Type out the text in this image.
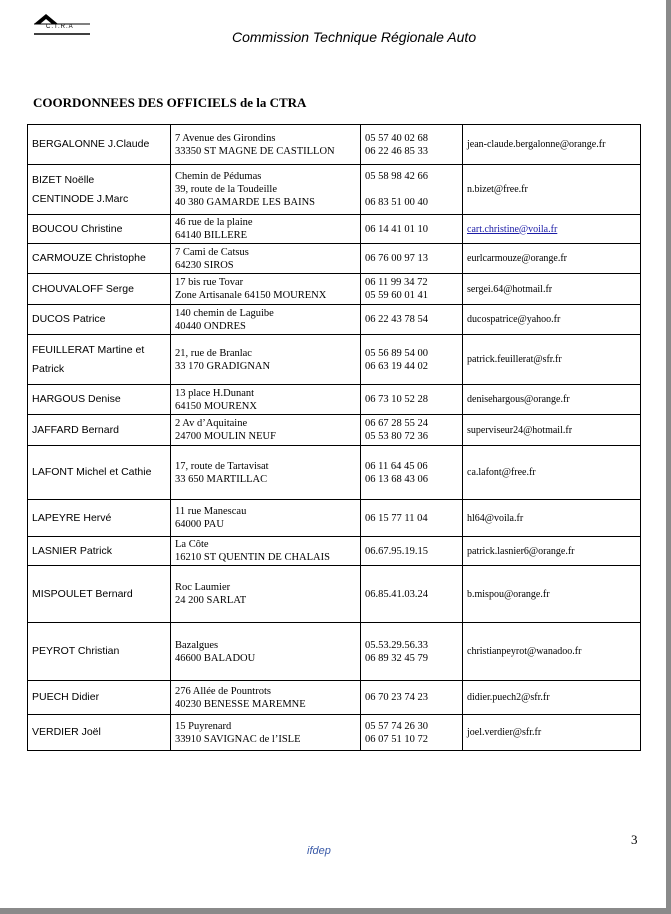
C.T.R.A
Commission Technique Régionale Auto
COORDONNEES DES OFFICIELS de la CTRA
BERGALONNE J.Claude	7 Avenue des Girondins
33350 ST MAGNE DE CASTILLON	05 57 40 02 68
06 22 46 85 33	jean-claude.bergalonne@orange.fr

BIZET Noëlle
CENTINODE J.Marc	Chemin de Pédumas
39, route de la Toudeille
40 380 GAMARDE LES BAINS	05 58 98 42 66

06 83 51 00 40	n.bizet@free.fr

BOUCOU Christine	46 rue de la plaine
64140 BILLERE	06 14 41 01 10	cart.christine@voila.fr

CARMOUZE Christophe	7 Cami de Catsus
64230 SIROS	06 76 00 97 13	eurlcarmouze@orange.fr

CHOUVALOFF Serge	17 bis rue Tovar
Zone Artisanale 64150 MOURENX	06 11 99 34 72
05 59 60 01 41	sergei.64@hotmail.fr

DUCOS Patrice	140 chemin de Laguibe
40440 ONDRES	06 22 43 78 54	ducospatrice@yahoo.fr

FEUILLERAT Martine et
Patrick	21, rue de Branlac
33 170 GRADIGNAN	05 56 89 54 00
06 63 19 44 02	patrick.feuillerat@sfr.fr

HARGOUS Denise	13 place H.Dunant
64150 MOURENX	06 73 10 52 28	denisehargous@orange.fr

JAFFARD Bernard	2 Av d’Aquitaine
24700 MOULIN NEUF	06 67 28 55 24
05 53 80 72 36	superviseur24@hotmail.fr

LAFONT Michel et Cathie	17, route de Tartavisat
33 650 MARTILLAC	06 11 64 45 06
06 13 68 43 06	ca.lafont@free.fr

LAPEYRE Hervé	11 rue Manescau
64000 PAU	06 15 77 11 04	hl64@voila.fr

LASNIER Patrick	La Côte
16210 ST QUENTIN DE CHALAIS	06.67.95.19.15	patrick.lasnier6@orange.fr

MISPOULET Bernard	Roc Laumier
24 200 SARLAT	06.85.41.03.24	b.mispou@orange.fr

PEYROT Christian	Bazalgues
46600 BALADOU	05.53.29.56.33
06 89 32 45 79	christianpeyrot@wanadoo.fr

PUECH Didier	276 Allée de Pountrots
40230 BENESSE MAREMNE	06 70 23 74 23	didier.puech2@sfr.fr

VERDIER Joël	15 Puyrenard
33910 SAVIGNAC de l’ISLE	05 57 74 26 30
06 07 51 10 72	joel.verdier@sfr.fr
3
ifdep
